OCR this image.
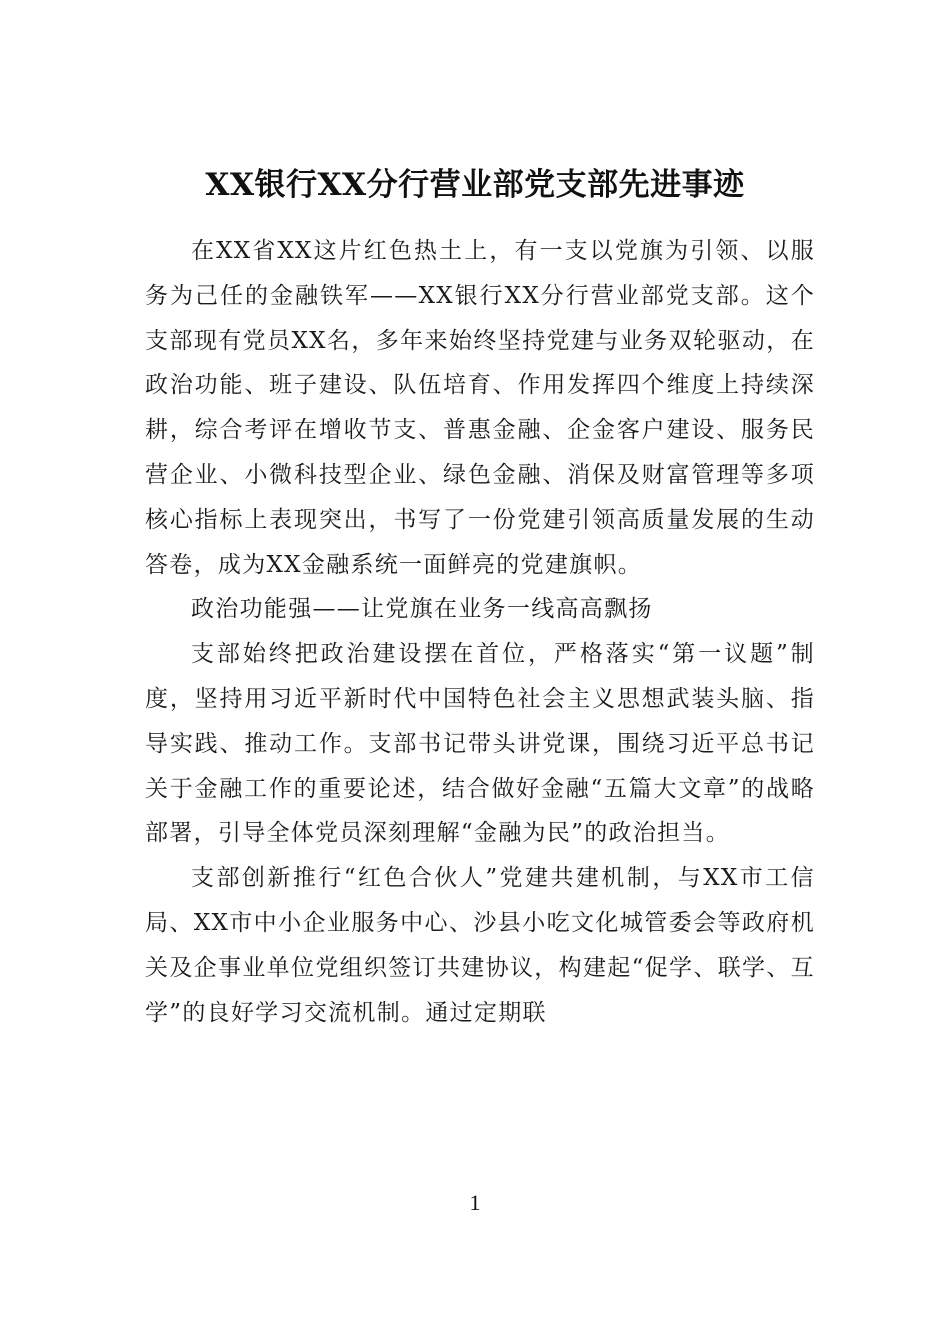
XX银行XX分行营业部党支部先进事迹

在XX省XX这片红色热土上，有一支以党旗为引领、以服务为己任的金融铁军——XX银行XX分行营业部党支部。这个支部现有党员XX名，多年来始终坚持党建与业务双轮驱动，在政治功能、班子建设、队伍培育、作用发挥四个维度上持续深耕，综合考评在增收节支、普惠金融、企金客户建设、服务民营企业、小微科技型企业、绿色金融、消保及财富管理等多项核心指标上表现突出，书写了一份党建引领高质量发展的生动答卷，成为XX金融系统一面鲜亮的党建旗帜。

政治功能强——让党旗在业务一线高高飘扬

支部始终把政治建设摆在首位，严格落实“第一议题”制度，坚持用习近平新时代中国特色社会主义思想武装头脑、指导实践、推动工作。支部书记带头讲党课，围绕习近平总书记关于金融工作的重要论述，结合做好金融“五篇大文章”的战略部署，引导全体党员深刻理解“金融为民”的政治担当。

支部创新推行“红色合伙人”党建共建机制，与XX市工信局、XX市中小企业服务中心、沙县小吃文化城管委会等政府机关及企事业单位党组织签订共建协议，构建起“促学、联学、互学”的良好学习交流机制。通过定期联

1
